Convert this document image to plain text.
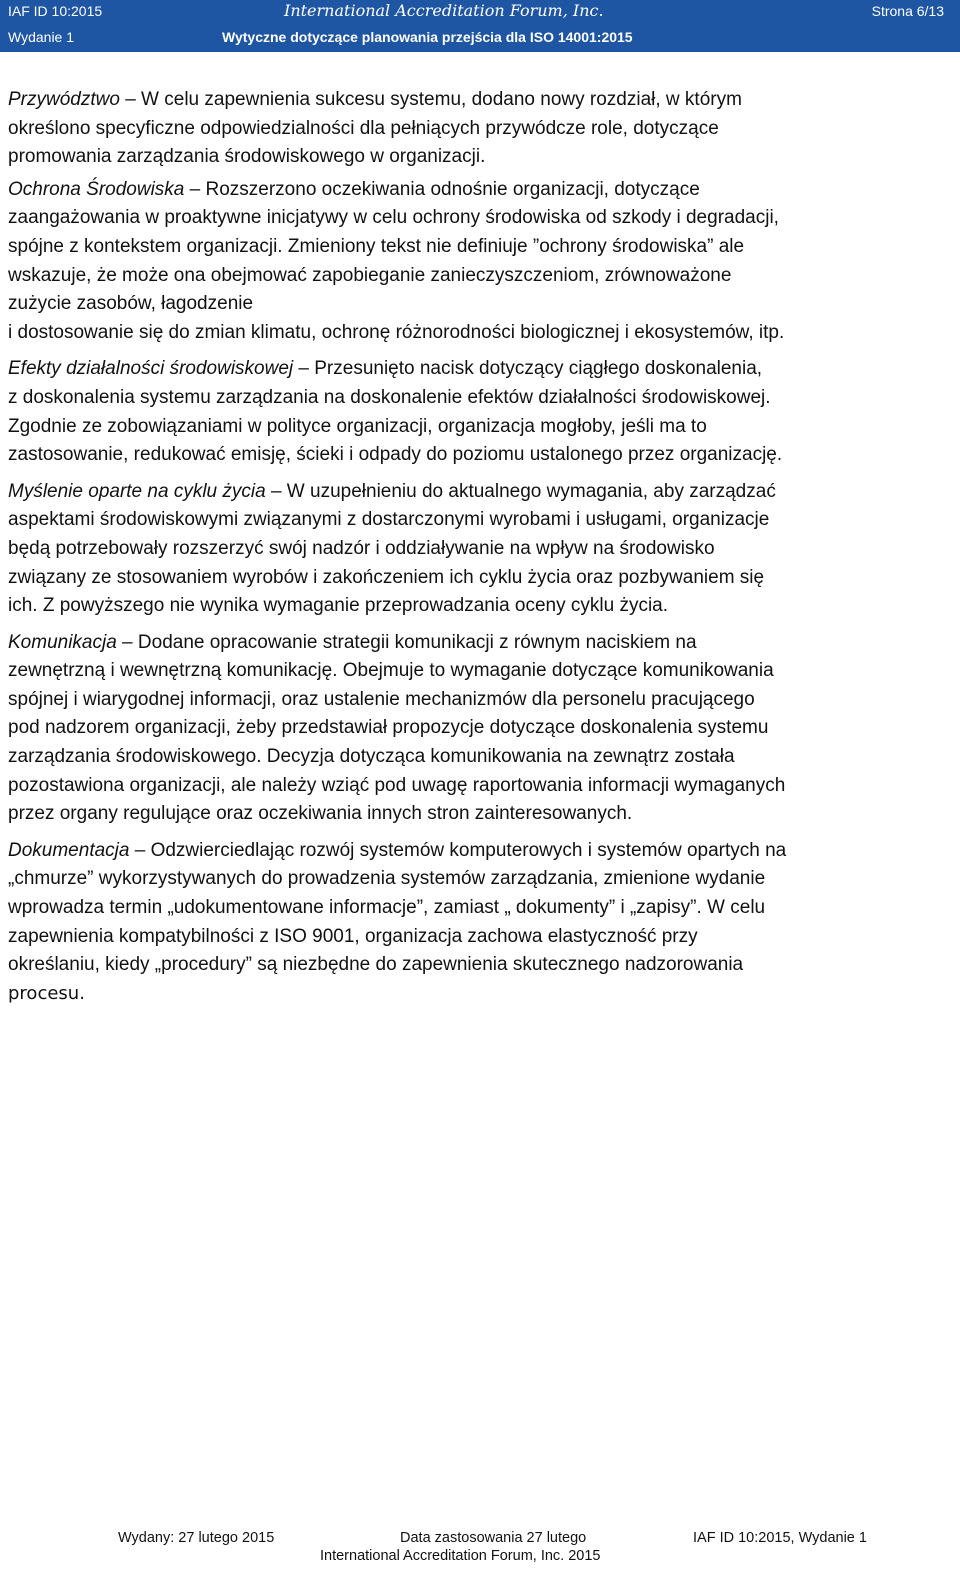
IAF ID 10:2015	International Accreditation Forum, Inc.	Strona 6/13
Wydanie 1	Wytyczne dotyczące planowania przejścia dla ISO 14001:2015

Przywództwo – W celu zapewnienia sukcesu systemu, dodano nowy rozdział, w którym
określono specyficzne odpowiedzialności dla pełniących przywódcze role, dotyczące
promowania zarządzania środowiskowego w organizacji.

Ochrona Środowiska – Rozszerzono oczekiwania odnośnie organizacji, dotyczące
zaangażowania w proaktywne inicjatywy w celu ochrony środowiska od szkody i degradacji,
spójne z kontekstem organizacji. Zmieniony tekst nie definiuje ”ochrony środowiska” ale
wskazuje, że może ona obejmować zapobieganie zanieczyszczeniom, zrównoważone
zużycie zasobów, łagodzenie
i dostosowanie się do zmian klimatu, ochronę różnorodności biologicznej i ekosystemów, itp.

Efekty działalności środowiskowej – Przesunięto nacisk dotyczący ciągłego doskonalenia,
z doskonalenia systemu zarządzania na doskonalenie efektów działalności środowiskowej.
Zgodnie ze zobowiązaniami w polityce organizacji, organizacja mogłoby, jeśli ma to
zastosowanie, redukować emisję, ścieki i odpady do poziomu ustalonego przez organizację.

Myślenie oparte na cyklu życia – W uzupełnieniu do aktualnego wymagania, aby zarządzać
aspektami środowiskowymi związanymi z dostarczonymi wyrobami i usługami, organizacje
będą potrzebowały rozszerzyć swój nadzór i oddziaływanie na wpływ na środowisko
związany ze stosowaniem wyrobów i zakończeniem ich cyklu życia oraz pozbywaniem się
ich. Z powyższego nie wynika wymaganie przeprowadzania oceny cyklu życia.

Komunikacja – Dodane opracowanie strategii komunikacji z równym naciskiem na
zewnętrzną i wewnętrzną komunikację. Obejmuje to wymaganie dotyczące komunikowania
spójnej i wiarygodnej informacji, oraz ustalenie mechanizmów dla personelu pracującego
pod nadzorem organizacji, żeby przedstawiał propozycje dotyczące doskonalenia systemu
zarządzania środowiskowego. Decyzja dotycząca komunikowania na zewnątrz została
pozostawiona organizacji, ale należy wziąć pod uwagę raportowania informacji wymaganych
przez organy regulujące oraz oczekiwania innych stron zainteresowanych.

Dokumentacja – Odzwierciedlając rozwój systemów komputerowych i systemów opartych na
„chmurze” wykorzystywanych do prowadzenia systemów zarządzania, zmienione wydanie
wprowadza termin „udokumentowane informacje”, zamiast „ dokumenty” i „zapisy”. W celu
zapewnienia kompatybilności z ISO 9001, organizacja zachowa elastyczność przy
określaniu, kiedy „procedury” są niezbędne do zapewnienia skutecznego nadzorowania
procesu.

Wydany: 27 lutego 2015	Data zastosowania 27 lutego	IAF ID 10:2015, Wydanie 1
International Accreditation Forum, Inc. 2015
